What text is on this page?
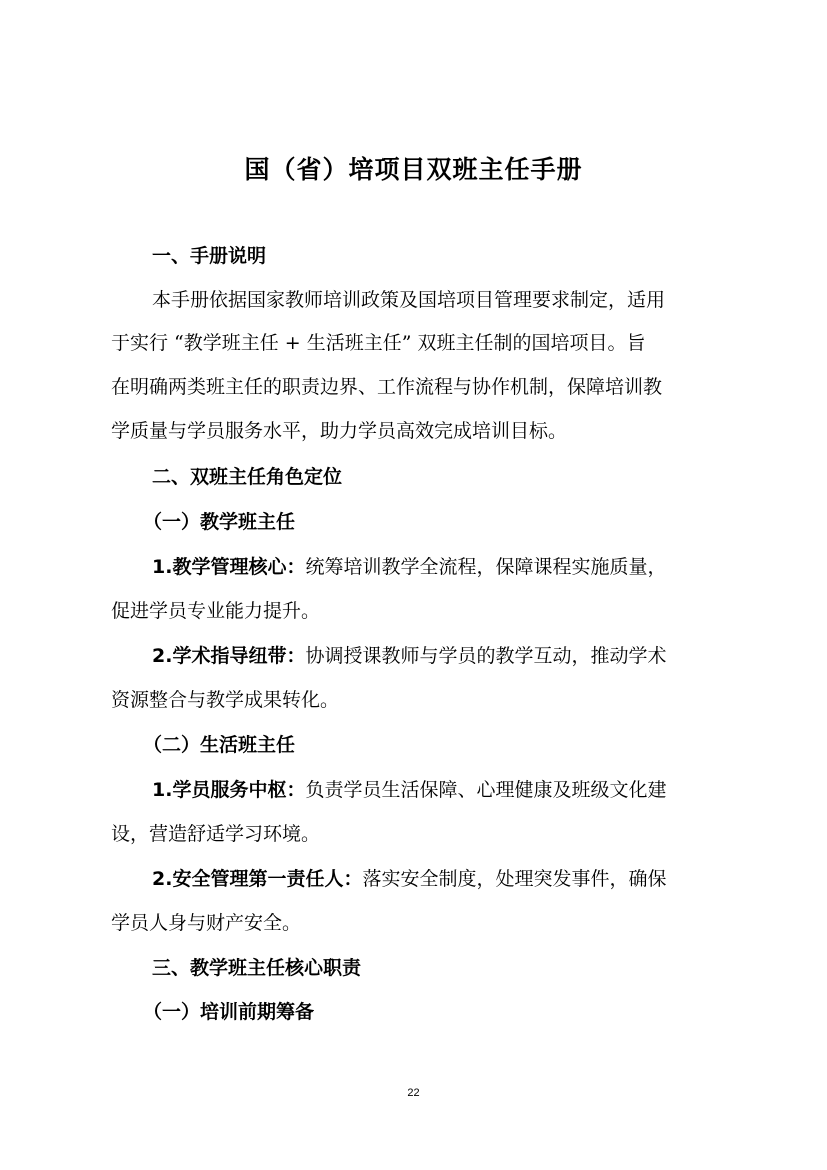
国（省）培项目双班主任手册
一、手册说明
本手册依据国家教师培训政策及国培项目管理要求制定，适用
于实行 “教学班主任 + 生活班主任” 双班主任制的国培项目。旨
在明确两类班主任的职责边界、工作流程与协作机制，保障培训教
学质量与学员服务水平，助力学员高效完成培训目标。
二、双班主任角色定位
（一）教学班主任
1.教学管理核心：统筹培训教学全流程，保障课程实施质量，
促进学员专业能力提升。
2.学术指导纽带：协调授课教师与学员的教学互动，推动学术
资源整合与教学成果转化。
（二）生活班主任
1.学员服务中枢：负责学员生活保障、心理健康及班级文化建
设，营造舒适学习环境。
2.安全管理第一责任人：落实安全制度，处理突发事件，确保
学员人身与财产安全。
三、教学班主任核心职责
（一）培训前期筹备
22
